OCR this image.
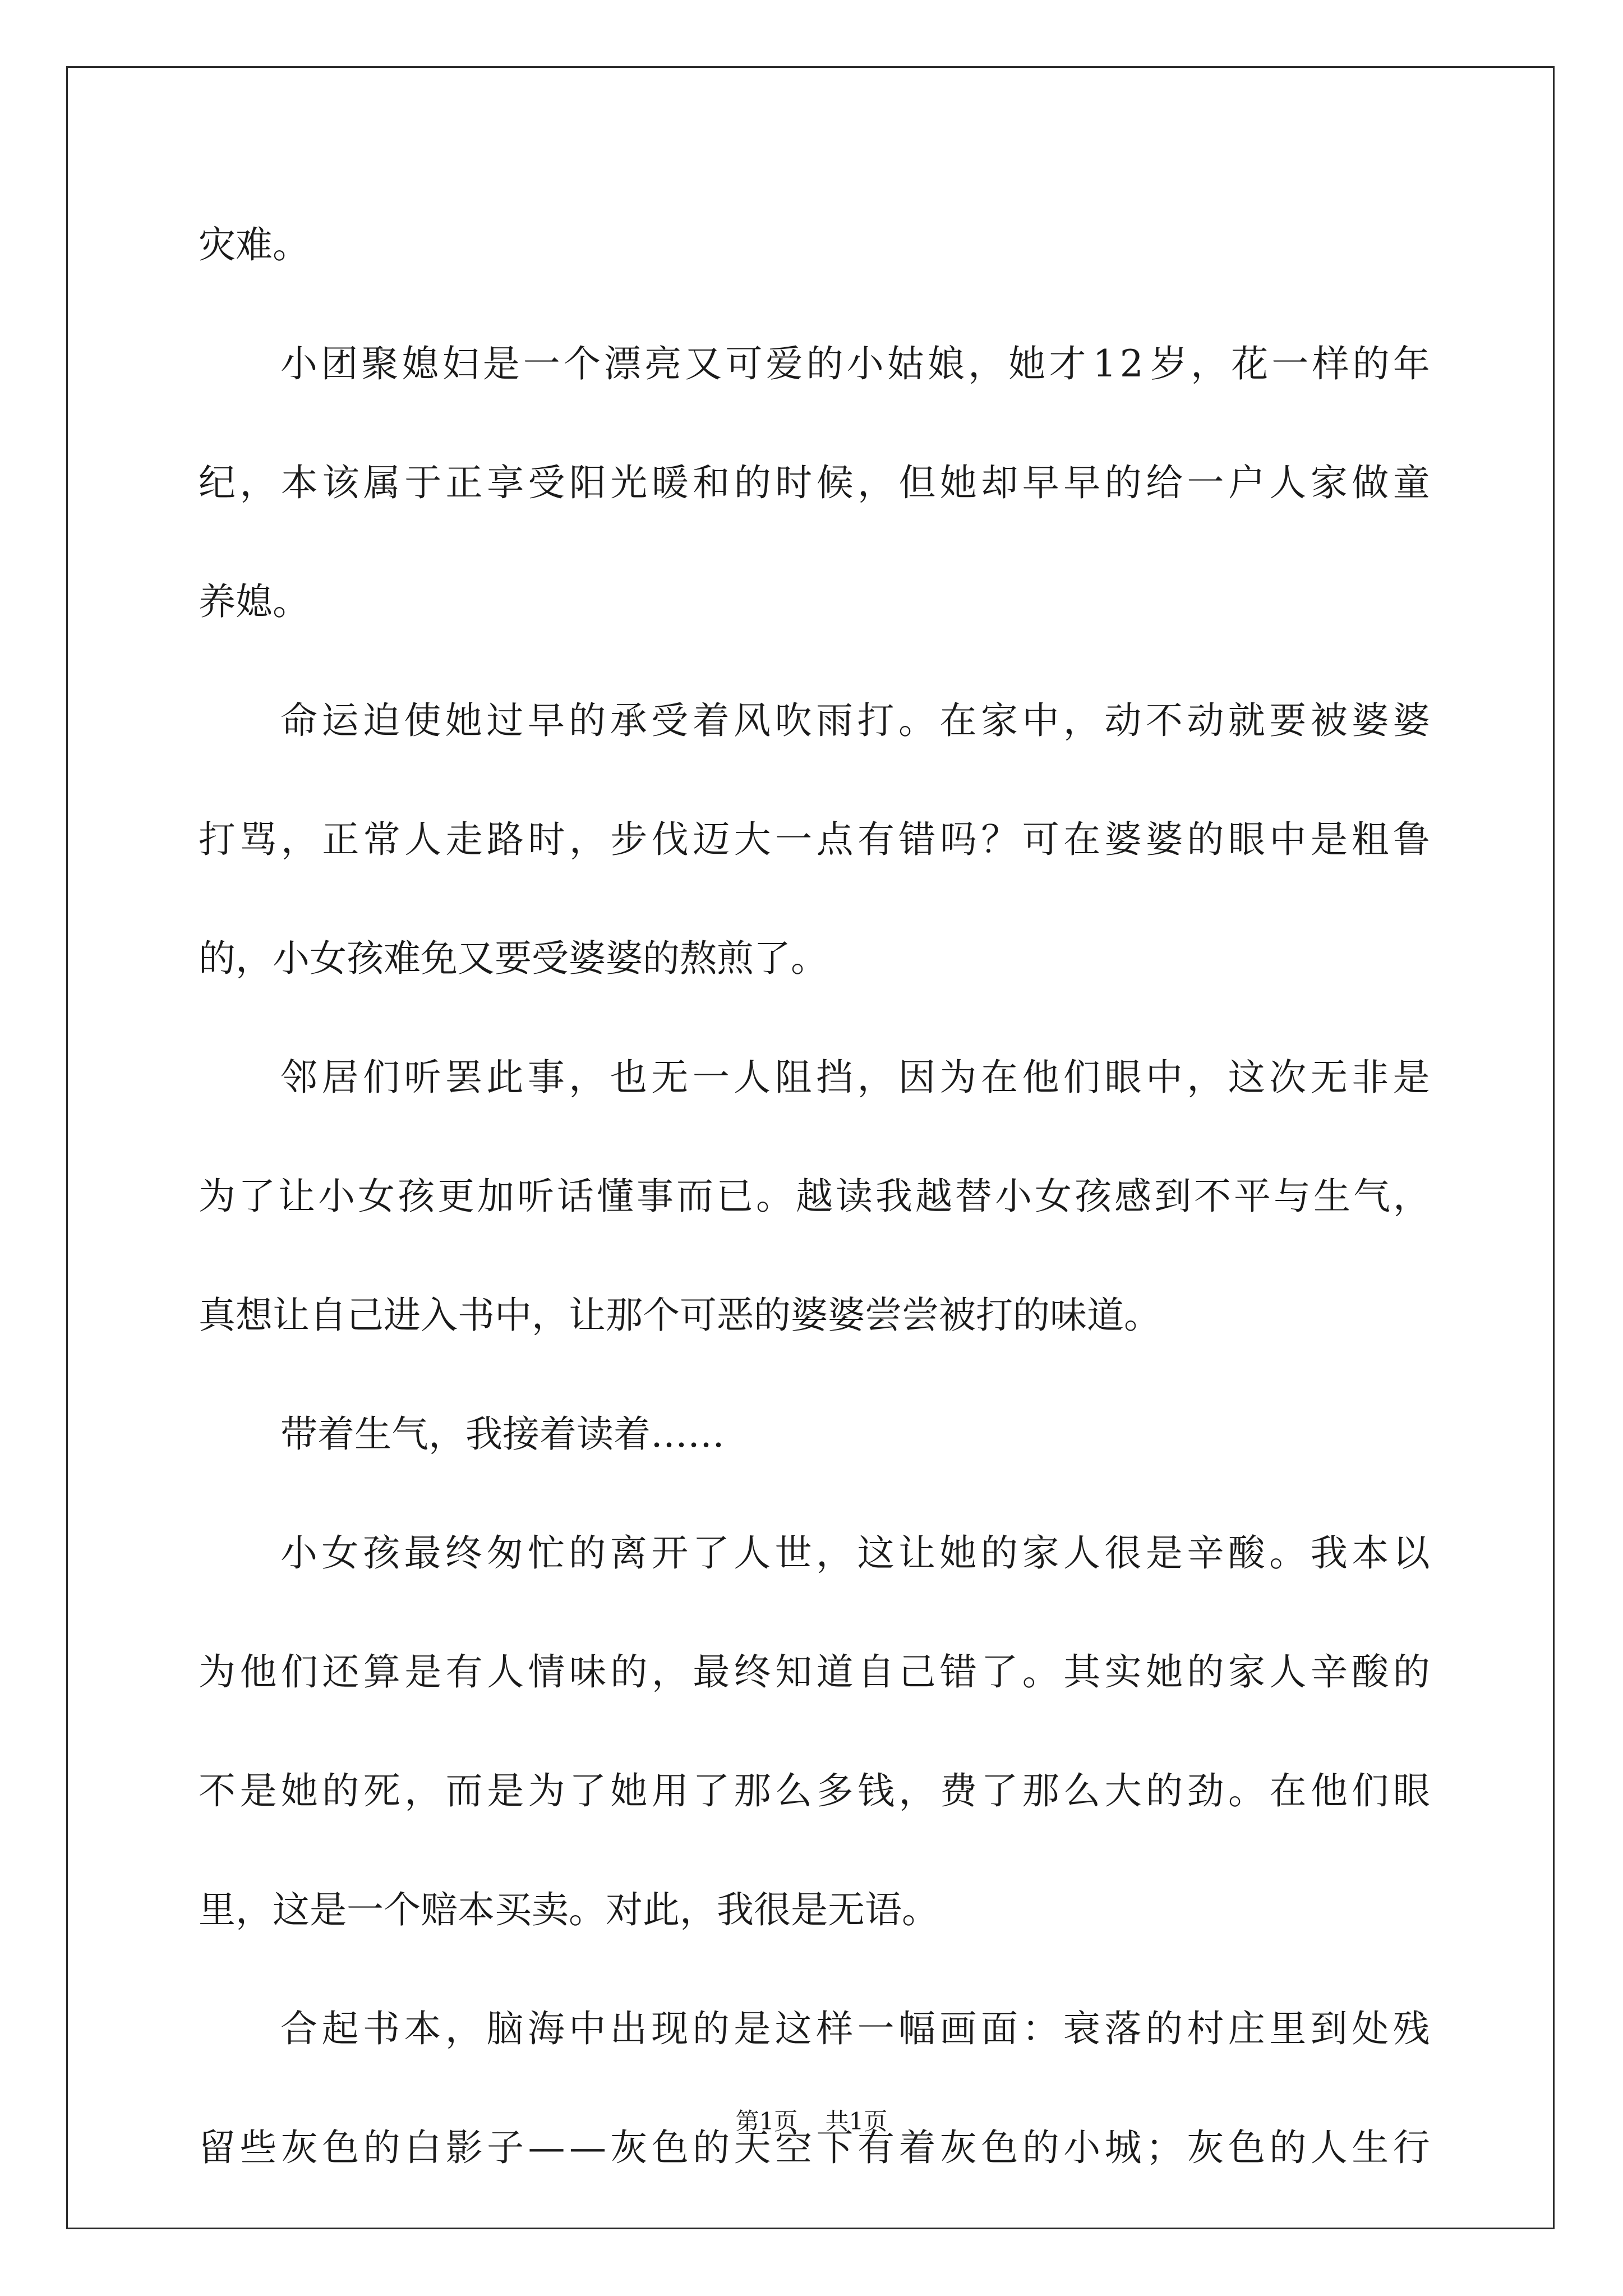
灾难。
小 团 聚 媳 妇 是 一 个 漂 亮 又 可 爱 的 小 姑 娘 ， 她 才 1 2 岁 ， 花 一 样 的 年
纪 ， 本 该 属 于 正 享 受 阳 光 暖 和 的 时 候 ， 但 她 却 早 早 的 给 一 户 人 家 做 童
养媳。
命 运 迫 使 她 过 早 的 承 受 着 风 吹 雨 打 。 在 家 中 ， 动 不 动 就 要 被 婆 婆
打 骂 ， 正 常 人 走 路 时 ， 步 伐 迈 大 一 点 有 错 吗 ？ 可 在 婆 婆 的 眼 中 是 粗 鲁
的，小女孩难免又要受婆婆的熬煎了。
邻 居 们 听 罢 此 事 ， 也 无 一 人 阻 挡 ， 因 为 在 他 们 眼 中 ， 这 次 无 非 是
为 了 让 小 女 孩 更 加 听 话 懂 事 而 已 。 越 读 我 越 替 小 女 孩 感 到 不 平 与 生 气 ，
真想让自己进入书中，让那个可恶的婆婆尝尝被打的味道。
带着生气，我接着读着……
小 女 孩 最 终 匆 忙 的 离 开 了 人 世 ， 这 让 她 的 家 人 很 是 辛 酸 。 我 本 以
为 他 们 还 算 是 有 人 情 味 的 ， 最 终 知 道 自 己 错 了 。 其 实 她 的 家 人 辛 酸 的
不 是 她 的 死 ， 而 是 为 了 她 用 了 那 么 多 钱 ， 费 了 那 么 大 的 劲 。 在 他 们 眼
里，这是一个赔本买卖。对此，我很是无语。
合 起 书 本 ， 脑 海 中 出 现 的 是 这 样 一 幅 画 面 ： 衰 落 的 村 庄 里 到 处 残
留 些 灰 色 的 白 影 子 — — 灰 色 的 天 空 下 有 着 灰 色 的 小 城 ； 灰 色 的 人 生 行
第1页 共1页
